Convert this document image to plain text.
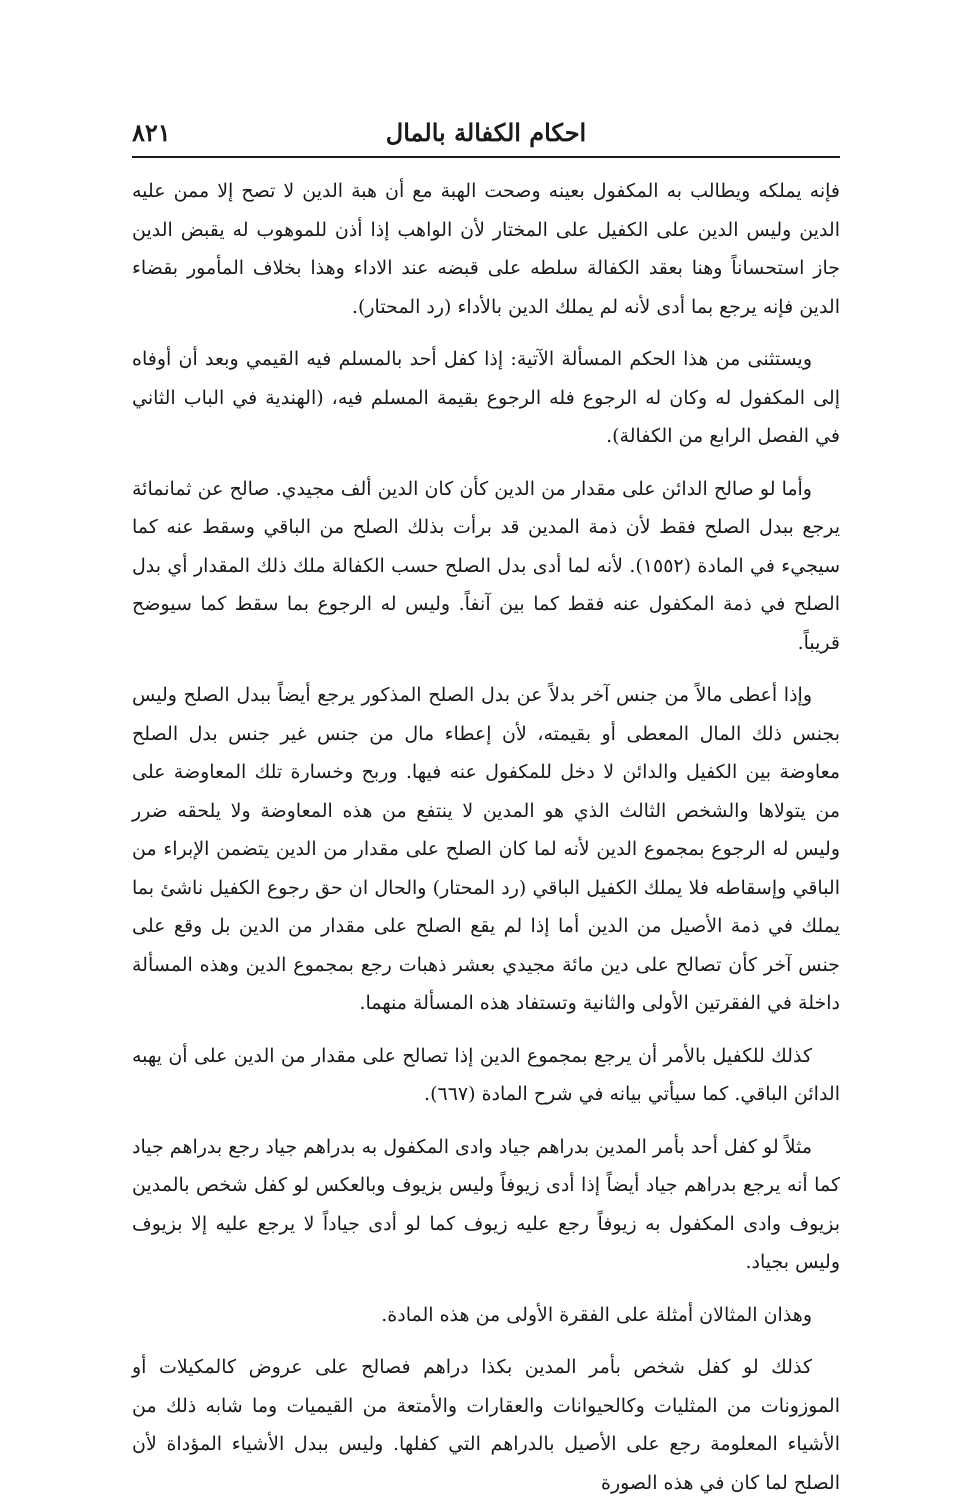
احكام الكفالة بالمال
٨٢١

فإنه يملكه ويطالب به المكفول بعينه وصحت الهبة مع أن هبة الدين لا تصح إلا ممن عليه الدين وليس الدين على الكفيل على المختار لأن الواهب إذا أذن للموهوب له يقبض الدين جاز استحساناً وهنا بعقد الكفالة سلطه على قبضه عند الاداء وهذا بخلاف المأمور بقضاء الدين فإنه يرجع بما أدى لأنه لم يملك الدين بالأداء (رد المحتار).

ويستثنى من هذا الحكم المسألة الآتية: إذا كفل أحد بالمسلم فيه القيمي وبعد أن أوفاه إلى المكفول له وكان له الرجوع فله الرجوع بقيمة المسلم فيه، (الهندية في الباب الثاني في الفصل الرابع من الكفالة).

وأما لو صالح الدائن على مقدار من الدين كأن كان الدين ألف مجيدي. صالح عن ثمانمائة يرجع ببدل الصلح فقط لأن ذمة المدين قد برأت بذلك الصلح من الباقي وسقط عنه كما سيجيء في المادة (١٥٥٢). لأنه لما أدى بدل الصلح حسب الكفالة ملك ذلك المقدار أي بدل الصلح في ذمة المكفول عنه فقط كما بين آنفاً. وليس له الرجوع بما سقط كما سيوضح قريباً.

وإذا أعطى مالاً من جنس آخر بدلاً عن بدل الصلح المذكور يرجع أيضاً ببدل الصلح وليس بجنس ذلك المال المعطى أو بقيمته، لأن إعطاء مال من جنس غير جنس بدل الصلح معاوضة بين الكفيل والدائن لا دخل للمكفول عنه فيها. وربح وخسارة تلك المعاوضة على من يتولاها والشخص الثالث الذي هو المدين لا ينتفع من هذه المعاوضة ولا يلحقه ضرر وليس له الرجوع بمجموع الدين لأنه لما كان الصلح على مقدار من الدين يتضمن الإبراء من الباقي وإسقاطه فلا يملك الكفيل الباقي (رد المحتار) والحال ان حق رجوع الكفيل ناشئ بما يملك في ذمة الأصيل من الدين أما إذا لم يقع الصلح على مقدار من الدين بل وقع على جنس آخر كأن تصالح على دين مائة مجيدي بعشر ذهبات رجع بمجموع الدين وهذه المسألة داخلة في الفقرتين الأولى والثانية وتستفاد هذه المسألة منهما.

كذلك للكفيل بالأمر أن يرجع بمجموع الدين إذا تصالح على مقدار من الدين على أن يهبه الدائن الباقي. كما سيأتي بيانه في شرح المادة (٦٦٧).

مثلاً لو كفل أحد بأمر المدين بدراهم جياد وادى المكفول به بدراهم جياد رجع بدراهم جياد كما أنه يرجع بدراهم جياد أيضاً إذا أدى زيوفاً وليس بزيوف وبالعكس لو كفل شخص بالمدين بزيوف وادى المكفول به زيوفاً رجع عليه زيوف كما لو أدى جياداً لا يرجع عليه إلا بزيوف وليس بجياد.

وهذان المثالان أمثلة على الفقرة الأولى من هذه المادة.

كذلك لو كفل شخص بأمر المدين بكذا دراهم فصالح على عروض كالمكيلات أو الموزونات من المثليات وكالحيوانات والعقارات والأمتعة من القيميات وما شابه ذلك من الأشياء المعلومة رجع على الأصيل بالدراهم التي كفلها. وليس ببدل الأشياء المؤداة لأن الصلح لما كان في هذه الصورة
